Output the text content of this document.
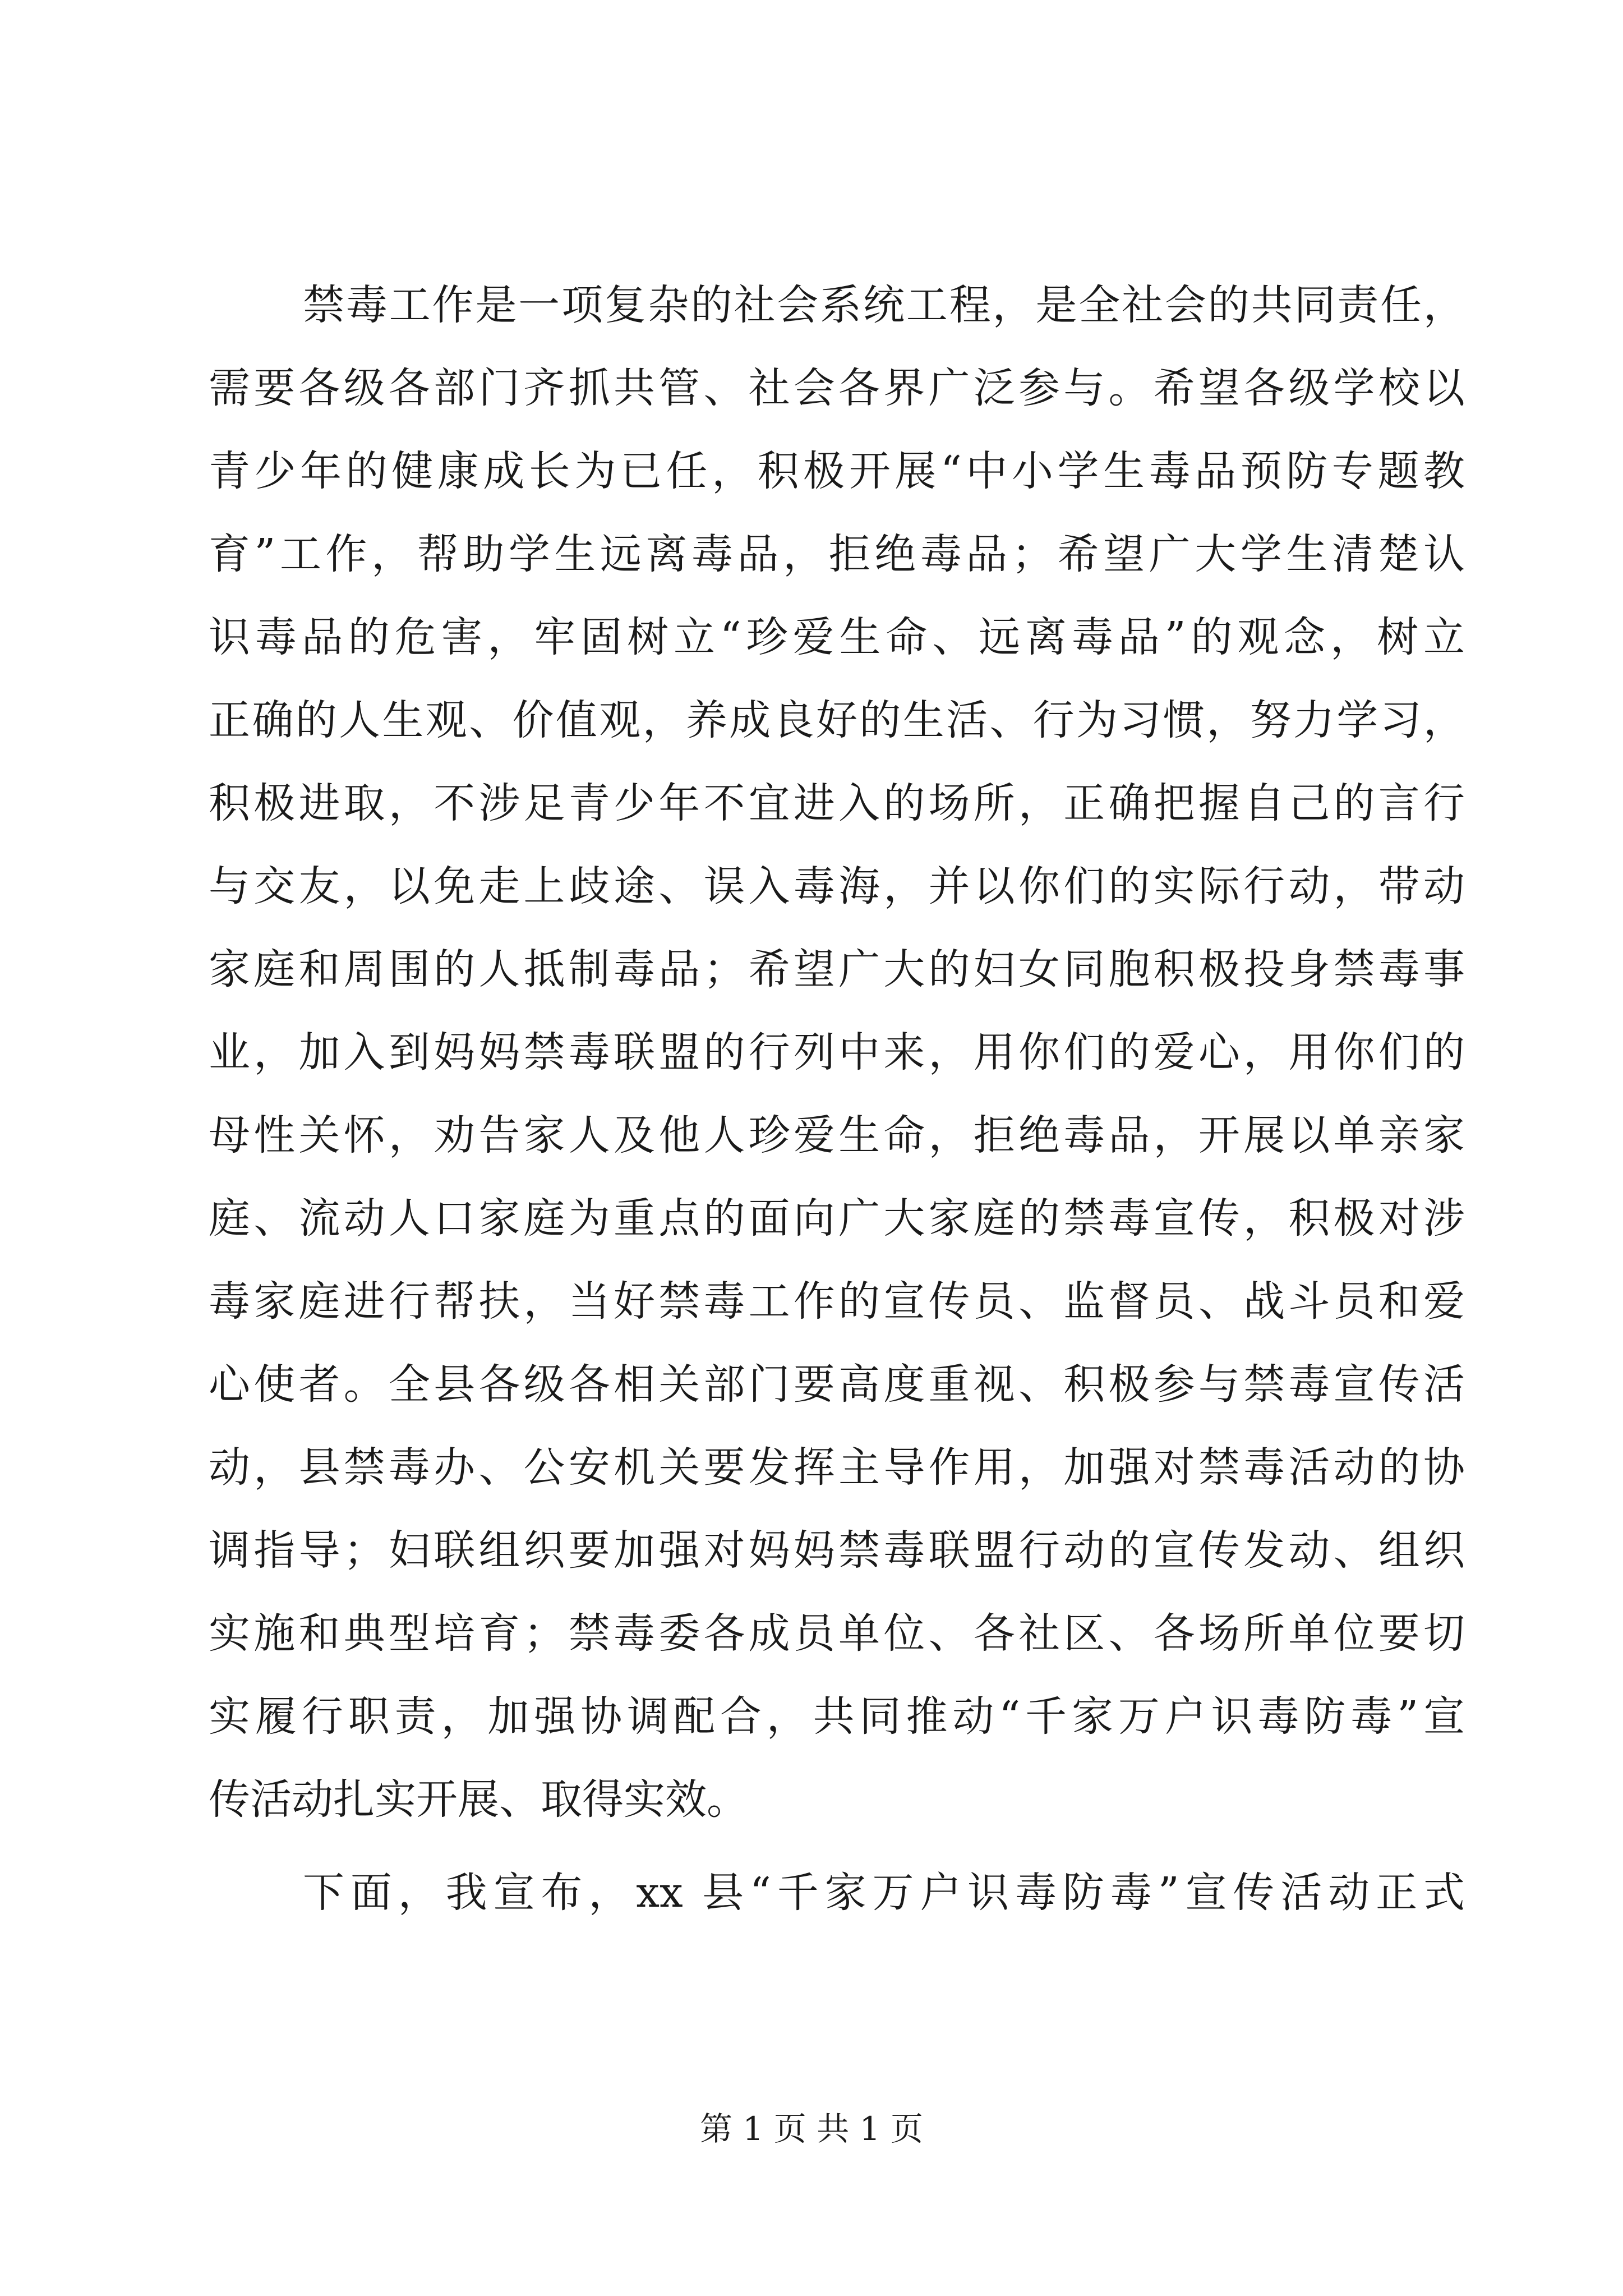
禁毒工作是一项复杂的社会系统工程，是全社会的共同责任，
需要各级各部门齐抓共管、社会各界广泛参与。希望各级学校以
青少年的健康成长为已任，积极开展“中小学生毒品预防专题教
育”工作，帮助学生远离毒品，拒绝毒品；希望广大学生清楚认
识毒品的危害，牢固树立“珍爱生命、远离毒品”的观念，树立
正确的人生观、价值观，养成良好的生活、行为习惯，努力学习，
积极进取，不涉足青少年不宜进入的场所，正确把握自己的言行
与交友，以免走上歧途、误入毒海，并以你们的实际行动，带动
家庭和周围的人抵制毒品；希望广大的妇女同胞积极投身禁毒事
业，加入到妈妈禁毒联盟的行列中来，用你们的爱心，用你们的
母性关怀，劝告家人及他人珍爱生命，拒绝毒品，开展以单亲家
庭、流动人口家庭为重点的面向广大家庭的禁毒宣传，积极对涉
毒家庭进行帮扶，当好禁毒工作的宣传员、监督员、战斗员和爱
心使者。全县各级各相关部门要高度重视、积极参与禁毒宣传活
动，县禁毒办、公安机关要发挥主导作用，加强对禁毒活动的协
调指导；妇联组织要加强对妈妈禁毒联盟行动的宣传发动、组织
实施和典型培育；禁毒委各成员单位、各社区、各场所单位要切
实履行职责，加强协调配合，共同推动“千家万户识毒防毒”宣
传活动扎实开展、取得实效。
下面，我宣布，xx 县“千家万户识毒防毒”宣传活动正式
第 1 页 共 1 页
